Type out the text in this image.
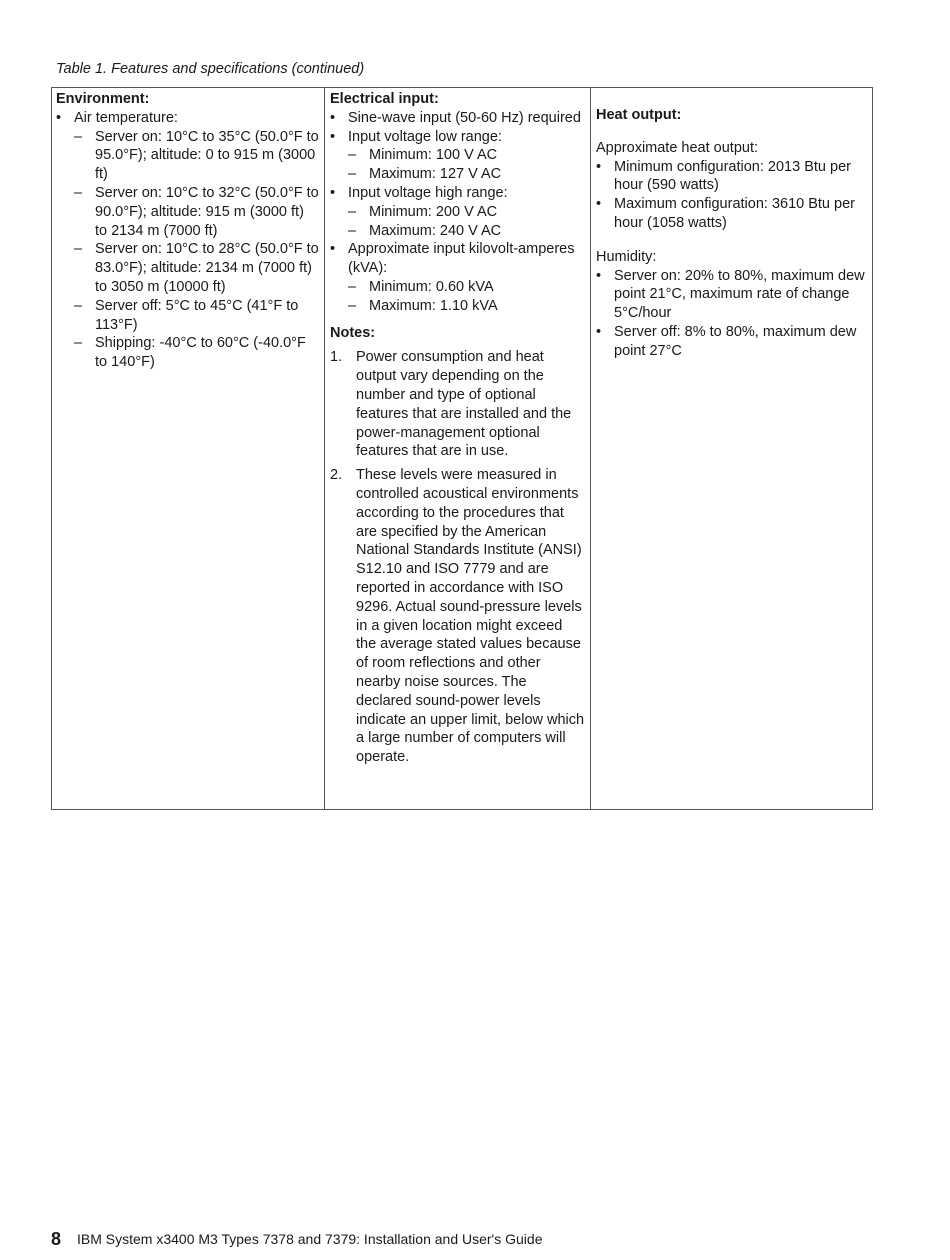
Table 1. Features and specifications (continued)
Environment:
• Air temperature:
– Server on: 10°C to 35°C (50.0°F to 95.0°F); altitude: 0 to 915 m (3000 ft)
– Server on: 10°C to 32°C (50.0°F to 90.0°F); altitude: 915 m (3000 ft) to 2134 m (7000 ft)
– Server on: 10°C to 28°C (50.0°F to 83.0°F); altitude: 2134 m (7000 ft) to 3050 m (10000 ft)
– Server off: 5°C to 45°C (41°F to 113°F)
– Shipping: -40°C to 60°C (-40.0°F to 140°F)

Electrical input:
• Sine-wave input (50-60 Hz) required
• Input voltage low range:
– Minimum: 100 V AC
– Maximum: 127 V AC
• Input voltage high range:
– Minimum: 200 V AC
– Maximum: 240 V AC
• Approximate input kilovolt-amperes (kVA):
– Minimum: 0.60 kVA
– Maximum: 1.10 kVA
Notes:
1. Power consumption and heat output vary depending on the number and type of optional features that are installed and the power-management optional features that are in use.
2. These levels were measured in controlled acoustical environments according to the procedures that are specified by the American National Standards Institute (ANSI) S12.10 and ISO 7779 and are reported in accordance with ISO 9296. Actual sound-pressure levels in a given location might exceed the average stated values because of room reflections and other nearby noise sources. The declared sound-power levels indicate an upper limit, below which a large number of computers will operate.

Heat output:
Approximate heat output:
• Minimum configuration: 2013 Btu per hour (590 watts)
• Maximum configuration: 3610 Btu per hour (1058 watts)
Humidity:
• Server on: 20% to 80%, maximum dew point 21°C, maximum rate of change 5°C/hour
• Server off: 8% to 80%, maximum dew point 27°C
8 IBM System x3400 M3 Types 7378 and 7379: Installation and User's Guide
